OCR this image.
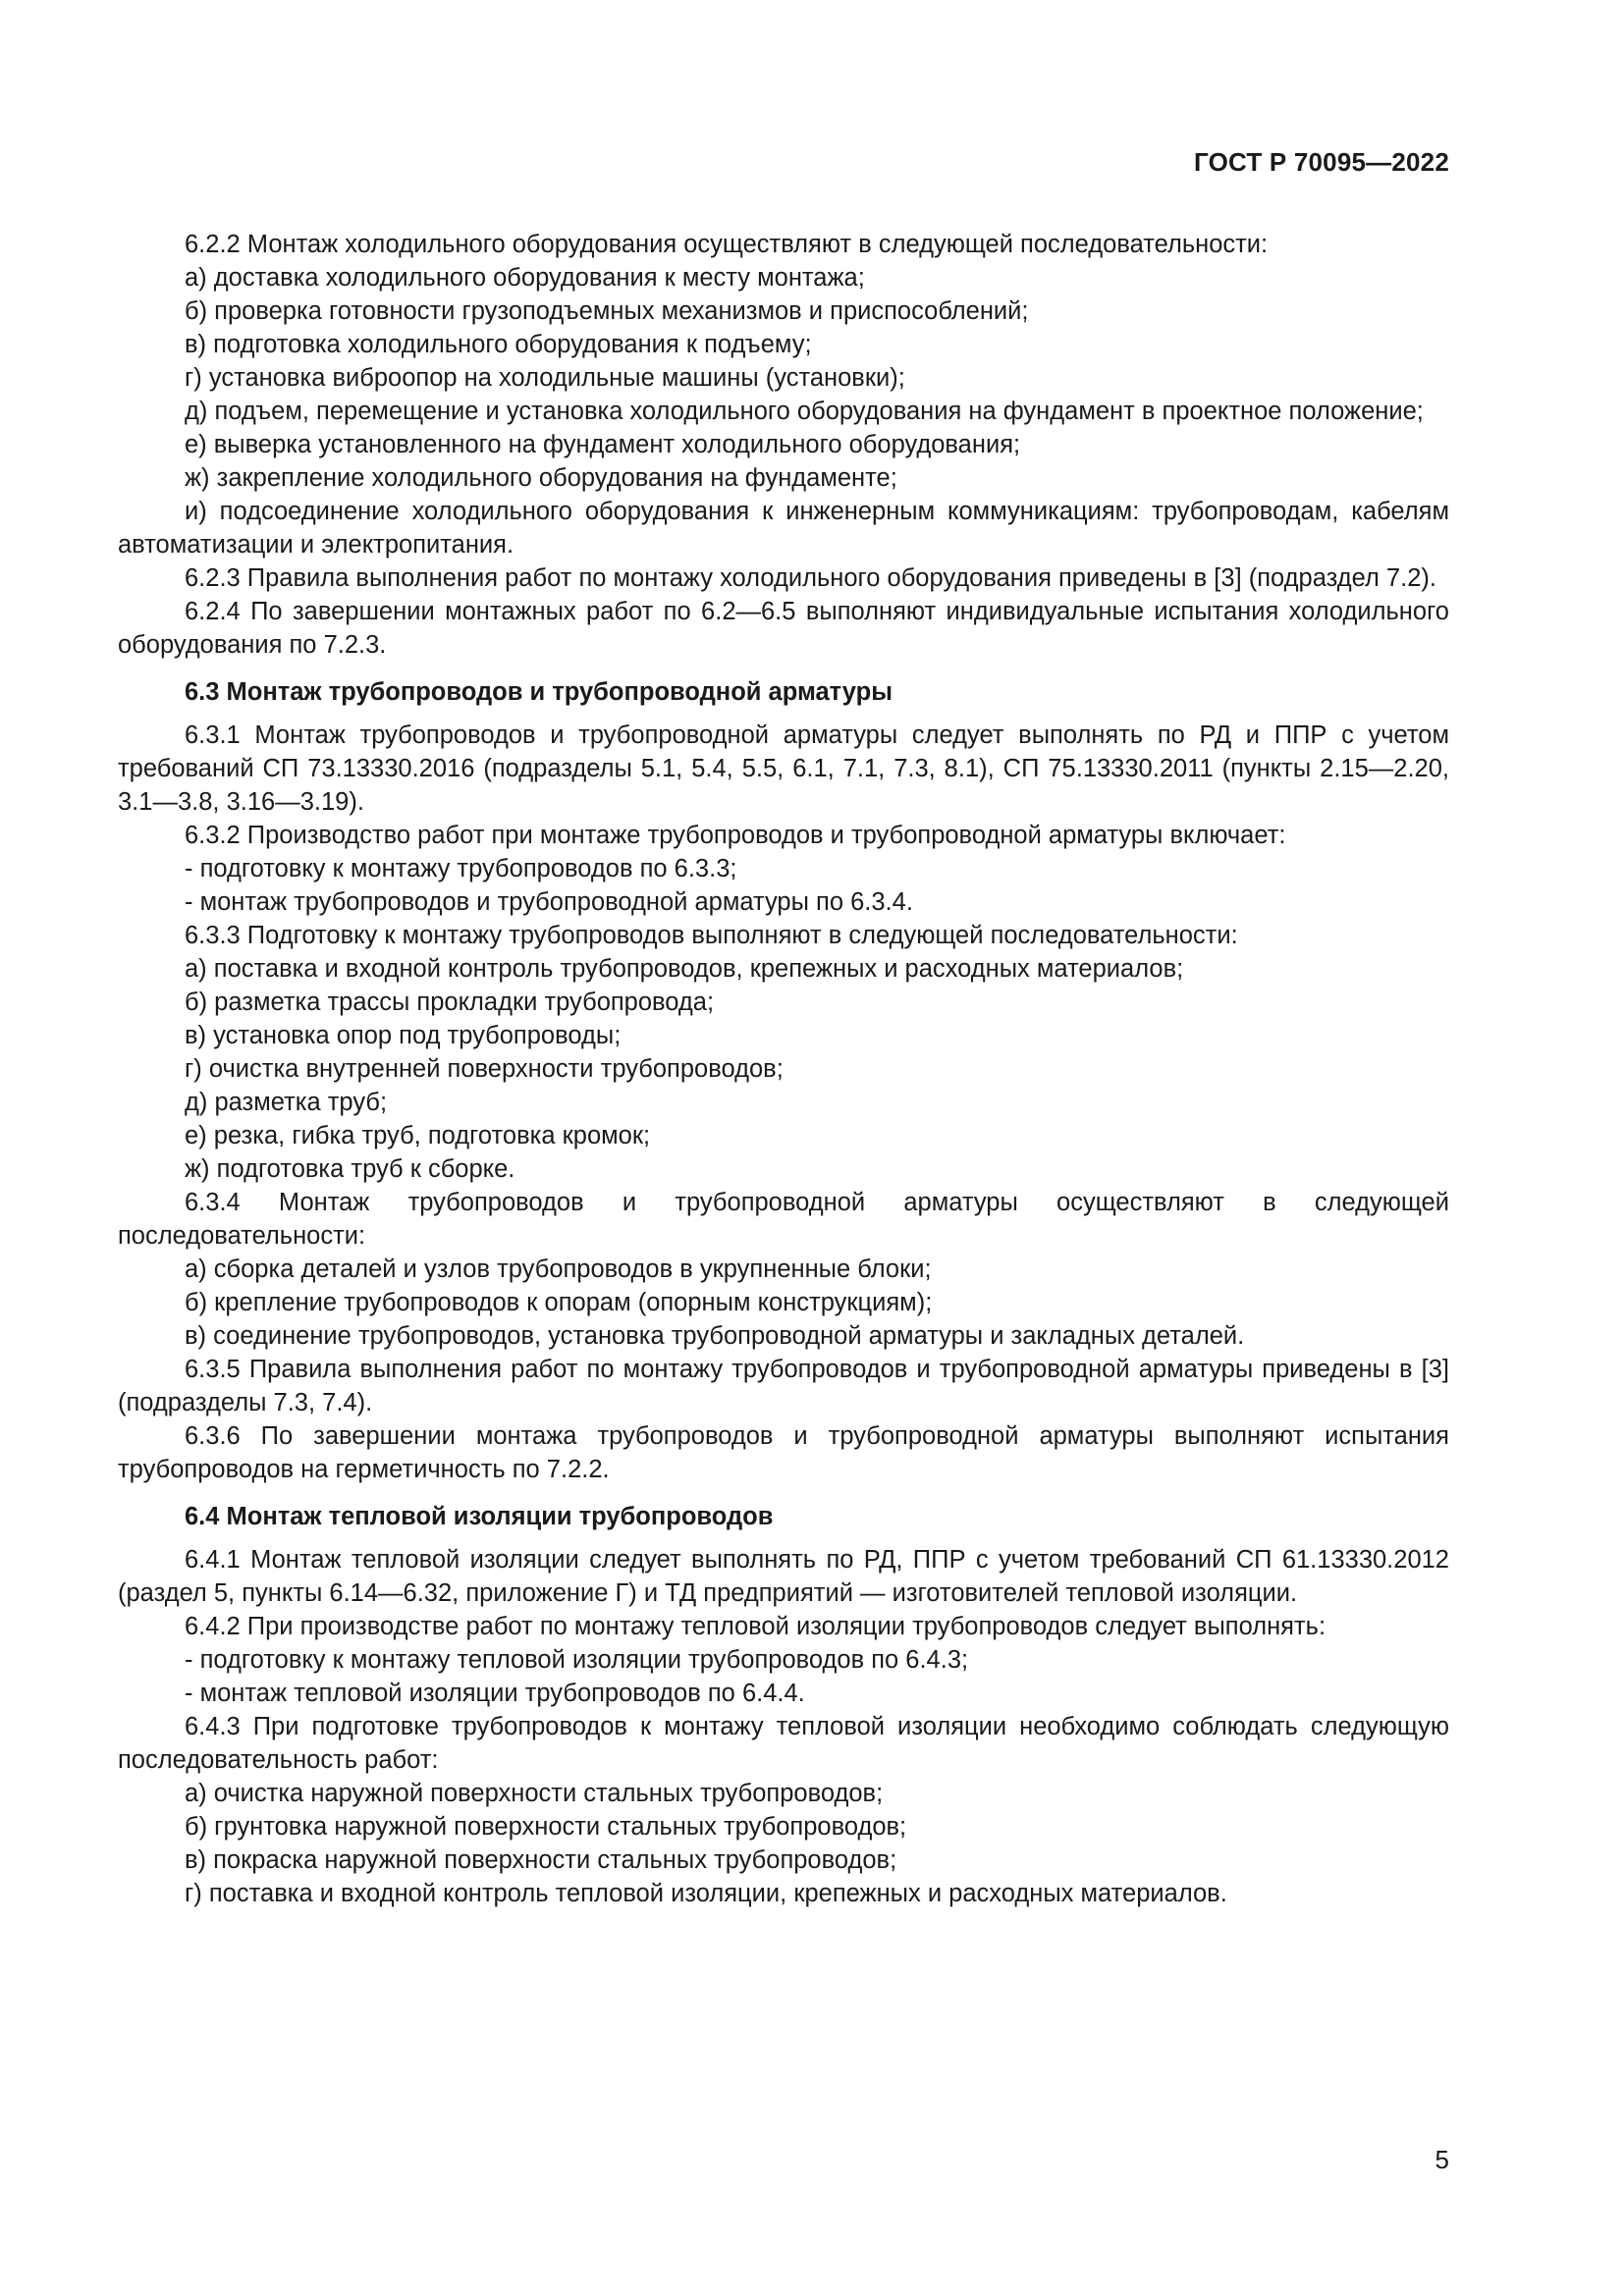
ГОСТ Р 70095—2022
6.2.2 Монтаж холодильного оборудования осуществляют в следующей последовательности:
а) доставка холодильного оборудования к месту монтажа;
б) проверка готовности грузоподъемных механизмов и приспособлений;
в) подготовка холодильного оборудования к подъему;
г) установка виброопор на холодильные машины (установки);
д) подъем, перемещение и установка холодильного оборудования на фундамент в проектное положение;
е) выверка установленного на фундамент холодильного оборудования;
ж) закрепление холодильного оборудования на фундаменте;
и) подсоединение холодильного оборудования к инженерным коммуникациям: трубопроводам, кабелям автоматизации и электропитания.
6.2.3 Правила выполнения работ по монтажу холодильного оборудования приведены в [3] (подраздел 7.2).
6.2.4 По завершении монтажных работ по 6.2—6.5 выполняют индивидуальные испытания холодильного оборудования по 7.2.3.
6.3 Монтаж трубопроводов и трубопроводной арматуры
6.3.1 Монтаж трубопроводов и трубопроводной арматуры следует выполнять по РД и ППР с учетом требований СП 73.13330.2016 (подразделы 5.1, 5.4, 5.5, 6.1, 7.1, 7.3, 8.1), СП 75.13330.2011 (пункты 2.15—2.20, 3.1—3.8, 3.16—3.19).
6.3.2 Производство работ при монтаже трубопроводов и трубопроводной арматуры включает:
- подготовку к монтажу трубопроводов по 6.3.3;
- монтаж трубопроводов и трубопроводной арматуры по 6.3.4.
6.3.3 Подготовку к монтажу трубопроводов выполняют в следующей последовательности:
а) поставка и входной контроль трубопроводов, крепежных и расходных материалов;
б) разметка трассы прокладки трубопровода;
в) установка опор под трубопроводы;
г) очистка внутренней поверхности трубопроводов;
д) разметка труб;
е) резка, гибка труб, подготовка кромок;
ж) подготовка труб к сборке.
6.3.4 Монтаж трубопроводов и трубопроводной арматуры осуществляют в следующей последовательности:
а) сборка деталей и узлов трубопроводов в укрупненные блоки;
б) крепление трубопроводов к опорам (опорным конструкциям);
в) соединение трубопроводов, установка трубопроводной арматуры и закладных деталей.
6.3.5 Правила выполнения работ по монтажу трубопроводов и трубопроводной арматуры приведены в [3] (подразделы 7.3, 7.4).
6.3.6 По завершении монтажа трубопроводов и трубопроводной арматуры выполняют испытания трубопроводов на герметичность по 7.2.2.
6.4 Монтаж тепловой изоляции трубопроводов
6.4.1 Монтаж тепловой изоляции следует выполнять по РД, ППР с учетом требований СП 61.13330.2012 (раздел 5, пункты 6.14—6.32, приложение Г) и ТД предприятий — изготовителей тепловой изоляции.
6.4.2 При производстве работ по монтажу тепловой изоляции трубопроводов следует выполнять:
- подготовку к монтажу тепловой изоляции трубопроводов по 6.4.3;
- монтаж тепловой изоляции трубопроводов по 6.4.4.
6.4.3 При подготовке трубопроводов к монтажу тепловой изоляции необходимо соблюдать следующую последовательность работ:
а) очистка наружной поверхности стальных трубопроводов;
б) грунтовка наружной поверхности стальных трубопроводов;
в) покраска наружной поверхности стальных трубопроводов;
г) поставка и входной контроль тепловой изоляции, крепежных и расходных материалов.
5
